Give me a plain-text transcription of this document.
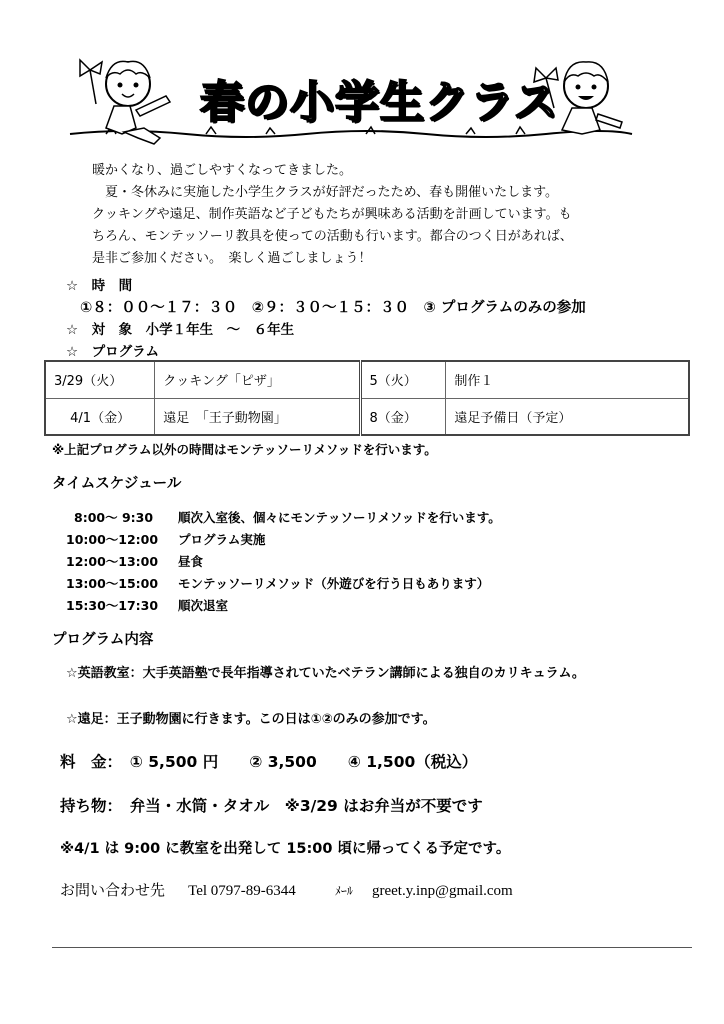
春の小学生クラス
暖かくなり、過ごしやすくなってきました。
夏・冬休みに実施した小学生クラスが好評だったため、春も開催いたします。
クッキングや遠足、制作英語など子どもたちが興味ある活動を計画しています。も
ちろん、モンテッソーリ教具を使っての活動も行います。都合のつく日があれば、
是非ご参加ください。　楽しく過ごしましょう！
☆　時　間
①８：００～１７：３０　②９：３０～１５：３０　③ プログラムのみの参加
☆　対　象　小学１年生　～　６年生
☆　プログラム
3/29（火）	クッキング「ピザ」	5（火）	制作１
4/1（金）	遠足　「王子動物園」	8（金）	遠足予備日（予定）
※上記プログラム以外の時間はモンテッソーリメソッドを行います。
タイムスケジュール
8:00～ 9:30 順次入室後、個々にモンテッソーリメソッドを行います。
10:00～12:00 プログラム実施
12:00～13:00 昼食
13:00～15:00 モンテッソーリメソッド（外遊びを行う日もあります）
15:30～17:30 順次退室
プログラム内容
☆英語教室：大手英語塾で長年指導されていたベテラン講師による独自のカリキュラム。
☆遠足：王子動物園に行きます。この日は①②のみの参加です。
料　金：　① 5,500 円　　② 3,500　　④ 1,500（税込）
持ち物：　弁当・水筒・タオル　※3/29 はお弁当が不要です
※4/1 は 9:00 に教室を出発して 15:00 頃に帰ってくる予定です。
お問い合わせ先 Tel 0797-89-6344	ﾒｰﾙ greet.y.inp@gmail.com
